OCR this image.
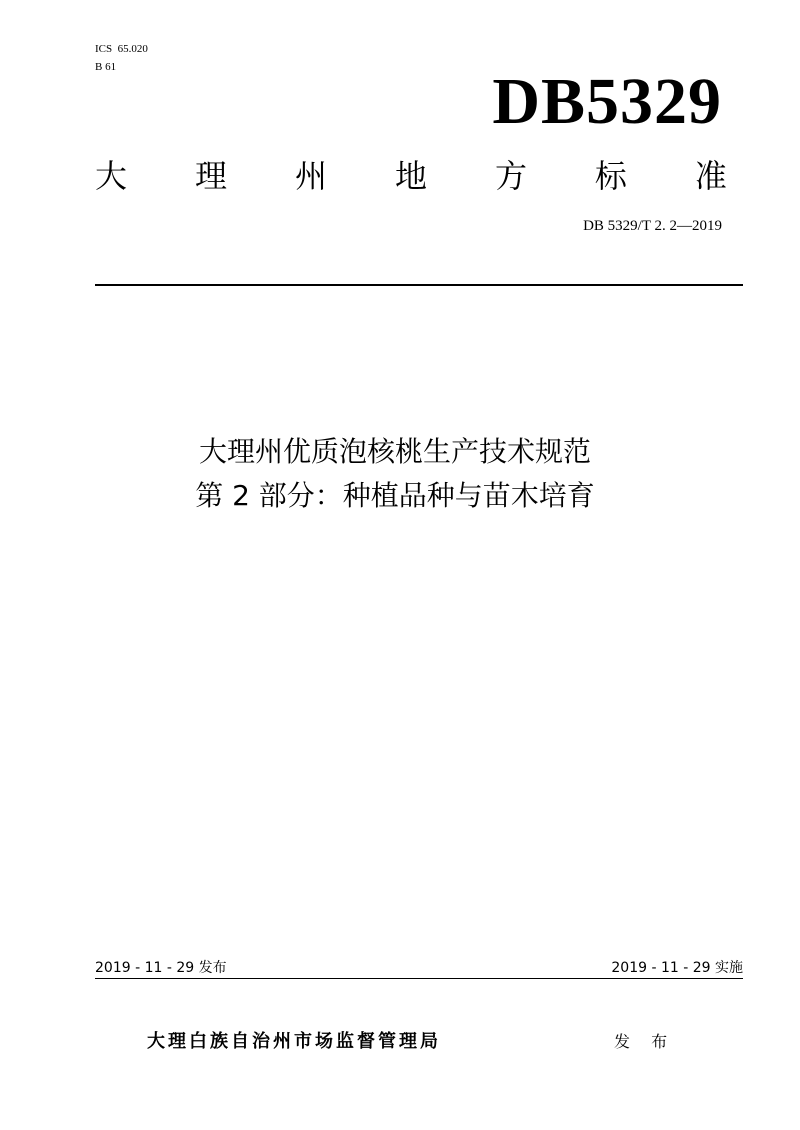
ICS  65.020
B 61	DB5329
大 理 州 地 方 标 准
DB 5329/T 2. 2—2019
大理州优质泡核桃生产技术规范
第 2 部分：种植品种与苗木培育
2019 - 11 - 29 发布	2019 - 11 - 29 实施
大理白族自治州市场监督管理局	发 布
